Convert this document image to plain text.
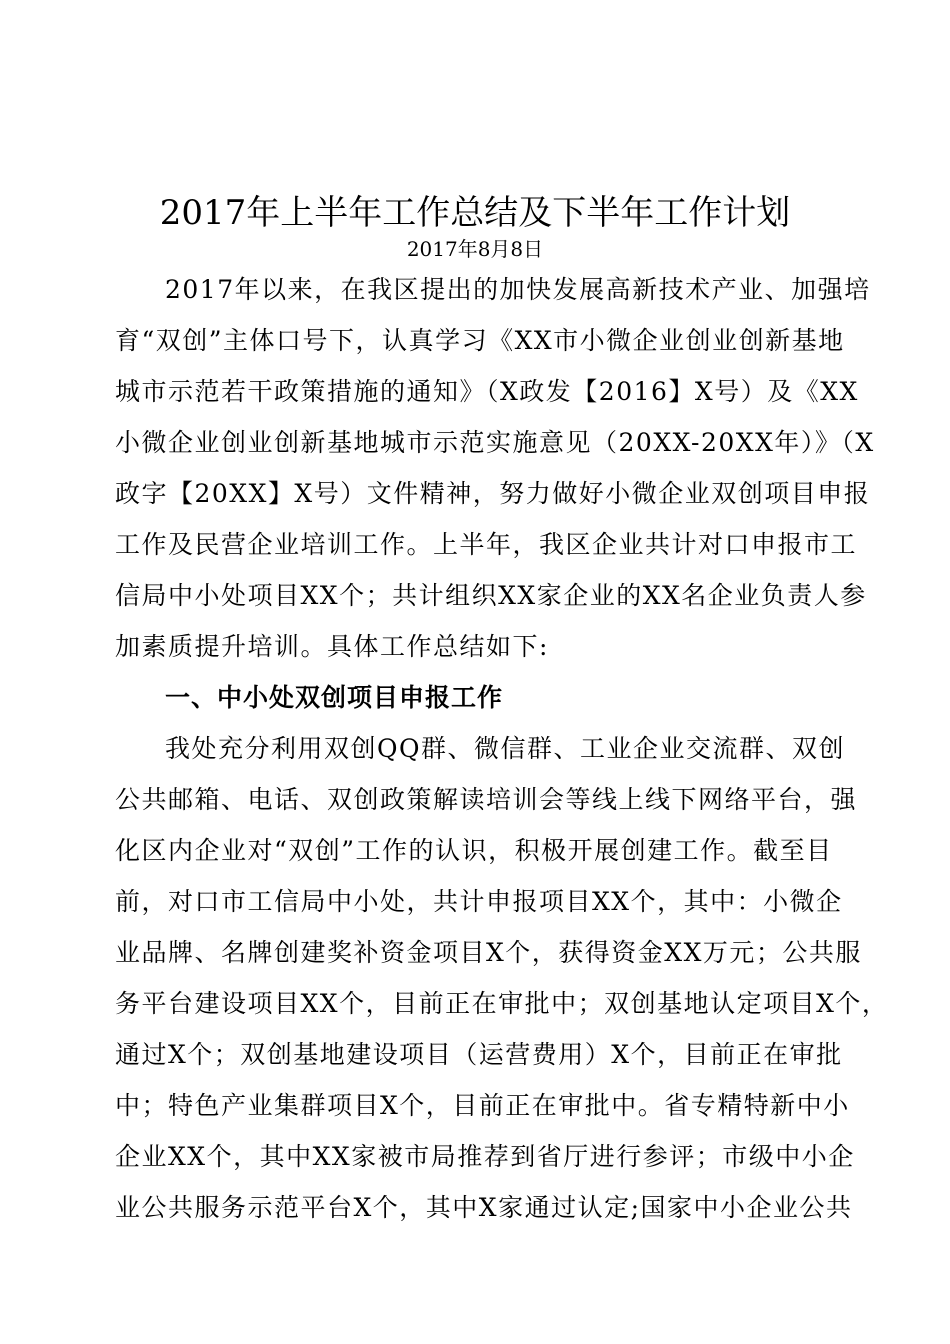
2017年上半年工作总结及下半年工作计划
2017年8月8日
2017年以来，在我区提出的加快发展高新技术产业、加强培
育“双创”主体口号下，认真学习《XX市小微企业创业创新基地
城市示范若干政策措施的通知》（X政发【2016】X号）及《XX
小微企业创业创新基地城市示范实施意见（20XX-20XX年）》（X
政字【20XX】X号）文件精神，努力做好小微企业双创项目申报
工作及民营企业培训工作。上半年，我区企业共计对口申报市工
信局中小处项目XX个；共计组织XX家企业的XX名企业负责人参
加素质提升培训。具体工作总结如下:
一、中小处双创项目申报工作
我处充分利用双创QQ群、微信群、工业企业交流群、双创
公共邮箱、电话、双创政策解读培训会等线上线下网络平台，强
化区内企业对“双创”工作的认识，积极开展创建工作。截至目
前，对口市工信局中小处，共计申报项目XX个，其中：小微企
业品牌、名牌创建奖补资金项目X个，获得资金XX万元；公共服
务平台建设项目XX个，目前正在审批中；双创基地认定项目X个，
通过X个；双创基地建设项目（运营费用）X个，目前正在审批
中；特色产业集群项目X个，目前正在审批中。省专精特新中小
企业XX个，其中XX家被市局推荐到省厅进行参评；市级中小企
业公共服务示范平台X个，其中X家通过认定;国家中小企业公共
